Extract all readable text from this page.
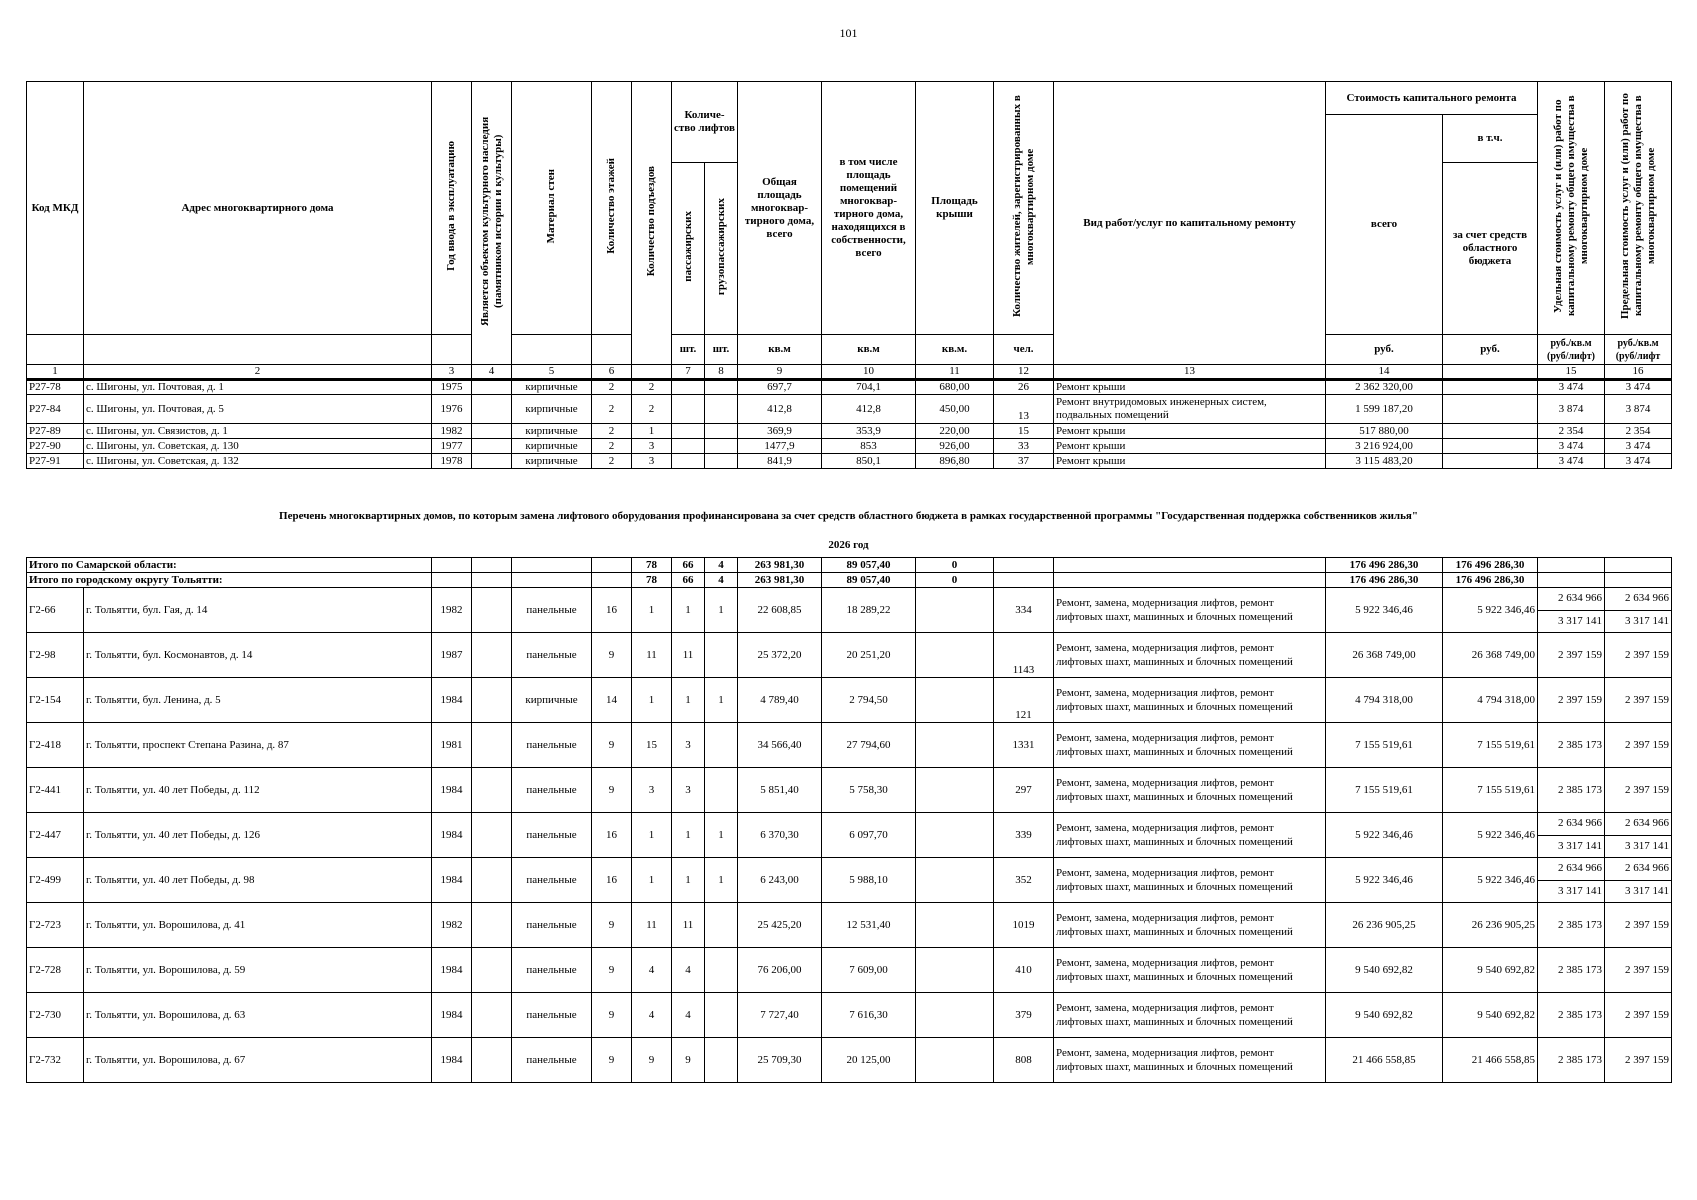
101
Код МКД	Адрес многоквартирного дома	Год ввода в эксплуатацию	Является объектом культурного наследия (памятником истории и культуры)	Материал стен	Количество этажей	Количество подъездов	Количе-ство лифтов		Общая площадь многоквар-тирного дома, всего	в том числе площадь помещений многоквар-тирного дома, находящихся в собственности, всего	Площадь крыши	Количество жителей, зарегистрированных в многоквартирном доме	Вид работ/услуг по капитальному ремонту	Стоимость капитального ремонта		Удельная стоимость услуг и (или) работ по капитальному ремонту общего имущества в многоквартирном доме	Предельная стоимость услуг и (или) работ по капитальному ремонту общего имущества в многоквартирном доме
														всего	в т.ч.		
							пассажирских	грузопассажирских							за счет средств областного бюджета		
							шт.	шт.	кв.м	кв.м	кв.м.	чел.		руб.	руб.	руб./кв.м (руб/лифт)	руб./кв.м (руб/лифт
1	2	3	4	5	6		7	8	9	10	11	12	13	14		15	16
Р27-78	с. Шигоны, ул. Почтовая, д. 1	1975		кирпичные	2	2			697,7	704,1	680,00	26	Ремонт крыши	2 362 320,00		3 474	3 474
Р27-84	с. Шигоны, ул. Почтовая, д. 5	1976		кирпичные	2	2			412,8	412,8	450,00	13	Ремонт внутридомовых инженерных систем, подвальных помещений	1 599 187,20		3 874	3 874
Р27-89	с. Шигоны, ул. Связистов, д. 1	1982		кирпичные	2	1			369,9	353,9	220,00	15	Ремонт крыши	517 880,00		2 354	2 354
Р27-90	с. Шигоны, ул. Советская, д. 130	1977		кирпичные	2	3			1477,9	853	926,00	33	Ремонт крыши	3 216 924,00		3 474	3 474
Р27-91	с. Шигоны, ул. Советская, д. 132	1978		кирпичные	2	3			841,9	850,1	896,80	37	Ремонт крыши	3 115 483,20		3 474	3 474
Перечень многоквартирных домов, по которым замена лифтового оборудования профинансирована за счет средств областного бюджета в рамках государственной программы "Государственная поддержка собственников жилья"
2026 год
Итого по Самарской области:						78	66	4	263 981,30	89 057,40	0			176 496 286,30	176 496 286,30		
Итого по городскому округу Тольятти:						78	66	4	263 981,30	89 057,40	0			176 496 286,30	176 496 286,30		
Г2-66	г. Тольятти, бул. Гая, д. 14	1982		панельные	16	1	1	1	22 608,85	18 289,22		334	Ремонт, замена, модернизация лифтов, ремонт лифтовых шахт, машинных и блочных помещений	5 922 346,46	5 922 346,46	2 634 966	2 634 966
																3 317 141	3 317 141
Г2-98	г. Тольятти, бул. Космонавтов, д. 14	1987		панельные	9	11	11		25 372,20	20 251,20		1143	Ремонт, замена, модернизация лифтов, ремонт лифтовых шахт, машинных и блочных помещений	26 368 749,00	26 368 749,00	2 397 159	2 397 159
Г2-154	г. Тольятти, бул. Ленина, д. 5	1984		кирпичные	14	1	1	1	4 789,40	2 794,50		121	Ремонт, замена, модернизация лифтов, ремонт лифтовых шахт, машинных и блочных помещений	4 794 318,00	4 794 318,00	2 397 159	2 397 159
Г2-418	г. Тольятти, проспект Степана Разина, д. 87	1981		панельные	9	15	3		34 566,40	27 794,60		1331	Ремонт, замена, модернизация лифтов, ремонт лифтовых шахт, машинных и блочных помещений	7 155 519,61	7 155 519,61	2 385 173	2 397 159
Г2-441	г. Тольятти, ул. 40 лет Победы, д. 112	1984		панельные	9	3	3		5 851,40	5 758,30		297	Ремонт, замена, модернизация лифтов, ремонт лифтовых шахт, машинных и блочных помещений	7 155 519,61	7 155 519,61	2 385 173	2 397 159
Г2-447	г. Тольятти, ул. 40 лет Победы, д. 126	1984		панельные	16	1	1	1	6 370,30	6 097,70		339	Ремонт, замена, модернизация лифтов, ремонт лифтовых шахт, машинных и блочных помещений	5 922 346,46	5 922 346,46	2 634 966	2 634 966
																3 317 141	3 317 141
Г2-499	г. Тольятти, ул. 40 лет Победы, д. 98	1984		панельные	16	1	1	1	6 243,00	5 988,10		352	Ремонт, замена, модернизация лифтов, ремонт лифтовых шахт, машинных и блочных помещений	5 922 346,46	5 922 346,46	2 634 966	2 634 966
																3 317 141	3 317 141
Г2-723	г. Тольятти, ул. Ворошилова, д. 41	1982		панельные	9	11	11		25 425,20	12 531,40		1019	Ремонт, замена, модернизация лифтов, ремонт лифтовых шахт, машинных и блочных помещений	26 236 905,25	26 236 905,25	2 385 173	2 397 159
Г2-728	г. Тольятти, ул. Ворошилова, д. 59	1984		панельные	9	4	4		76 206,00	7 609,00		410	Ремонт, замена, модернизация лифтов, ремонт лифтовых шахт, машинных и блочных помещений	9 540 692,82	9 540 692,82	2 385 173	2 397 159
Г2-730	г. Тольятти, ул. Ворошилова, д. 63	1984		панельные	9	4	4		7 727,40	7 616,30		379	Ремонт, замена, модернизация лифтов, ремонт лифтовых шахт, машинных и блочных помещений	9 540 692,82	9 540 692,82	2 385 173	2 397 159
Г2-732	г. Тольятти, ул. Ворошилова, д. 67	1984		панельные	9	9	9		25 709,30	20 125,00		808	Ремонт, замена, модернизация лифтов, ремонт лифтовых шахт, машинных и блочных помещений	21 466 558,85	21 466 558,85	2 385 173	2 397 159
